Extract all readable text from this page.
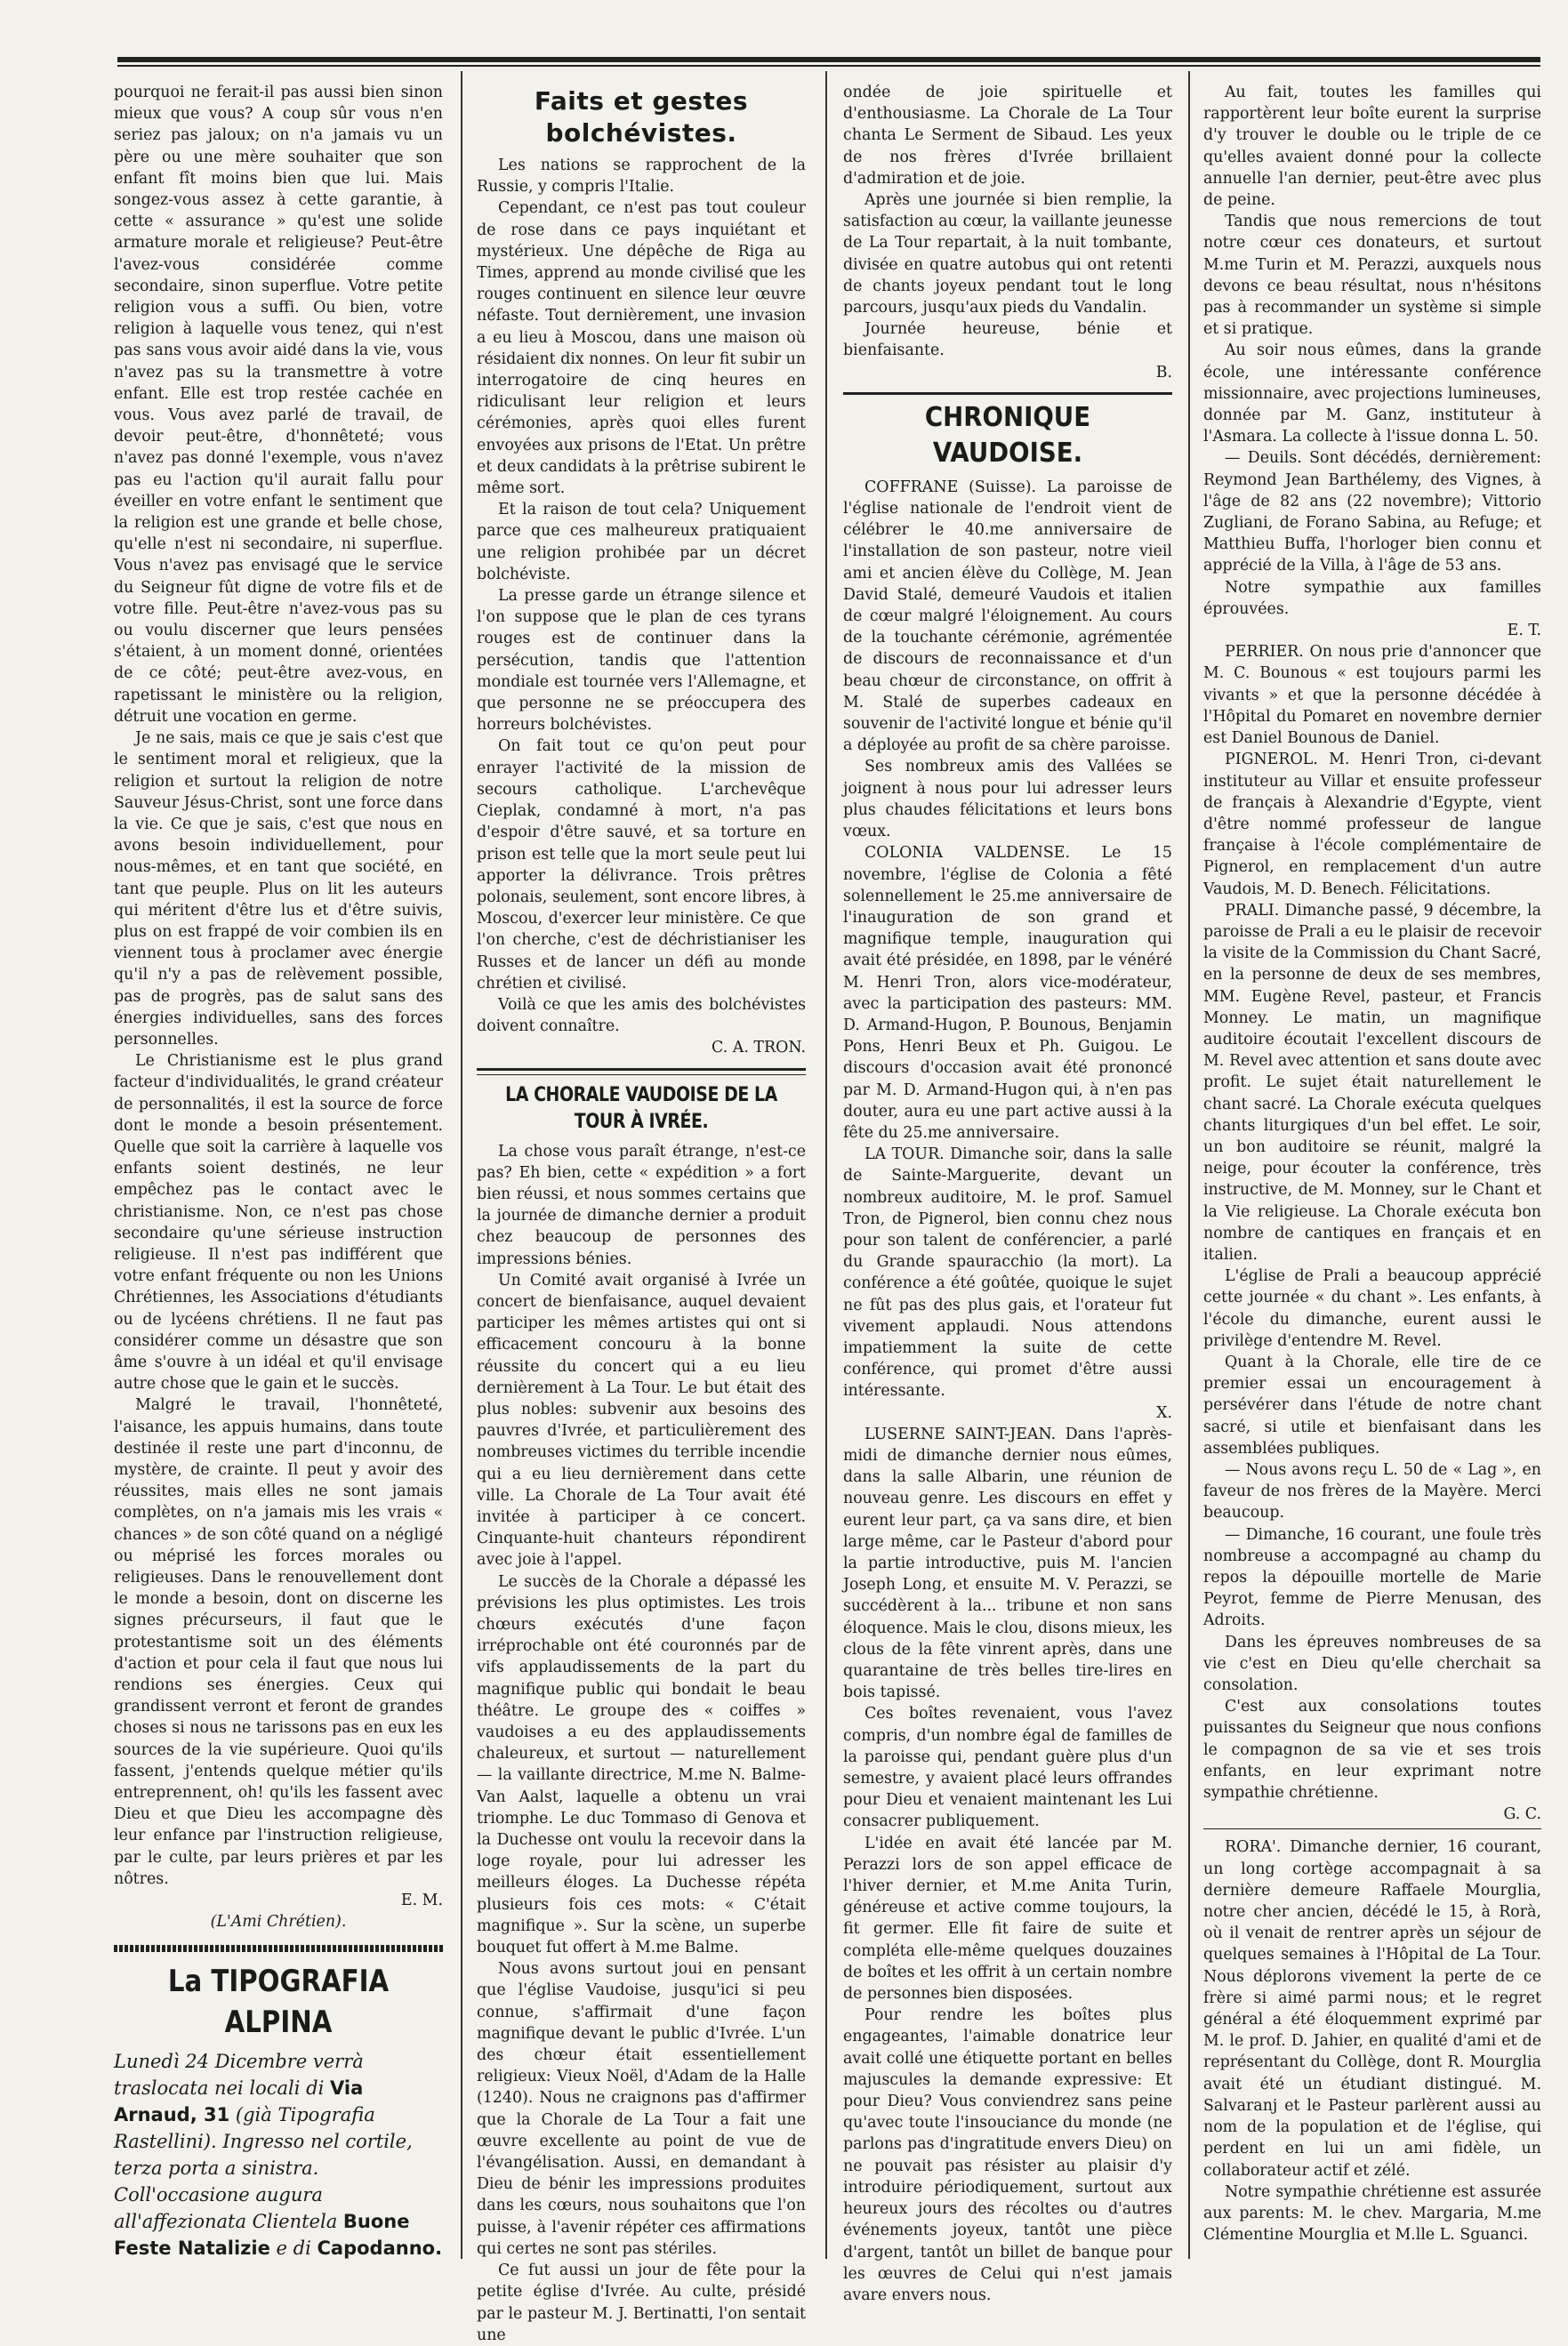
pourquoi ne ferait-il pas aussi bien sinon mieux que vous? A coup sûr vous n'en seriez pas jaloux; on n'a jamais vu un père ou une mère souhaiter que son enfant fît moins bien que lui. Mais songez-vous assez à cette garantie, à cette « assurance » qu'est une solide armature morale et religieuse? Peut-être l'avez-vous considérée comme secondaire, sinon superflue. Votre petite religion vous a suffi. Ou bien, votre religion à laquelle vous tenez, qui n'est pas sans vous avoir aidé dans la vie, vous n'avez pas su la transmettre à votre enfant. Elle est trop restée cachée en vous. Vous avez parlé de travail, de devoir peut-être, d'honnêteté; vous n'avez pas donné l'exemple, vous n'avez pas eu l'action qu'il aurait fallu pour éveiller en votre enfant le sentiment que la religion est une grande et belle chose, qu'elle n'est ni secondaire, ni superflue. Vous n'avez pas envisagé que le service du Seigneur fût digne de votre fils et de votre fille. Peut-être n'avez-vous pas su ou voulu discerner que leurs pensées s'étaient, à un moment donné, orientées de ce côté; peut-être avez-vous, en rapetissant le ministère ou la religion, détruit une vocation en germe.

Je ne sais, mais ce que je sais c'est que le sentiment moral et religieux, que la religion et surtout la religion de notre Sauveur Jésus-Christ, sont une force dans la vie. Ce que je sais, c'est que nous en avons besoin individuellement, pour nous-mêmes, et en tant que société, en tant que peuple. Plus on lit les auteurs qui méritent d'être lus et d'être suivis, plus on est frappé de voir combien ils en viennent tous à proclamer avec énergie qu'il n'y a pas de relèvement possible, pas de progrès, pas de salut sans des énergies individuelles, sans des forces personnelles.

Le Christianisme est le plus grand facteur d'individualités, le grand créateur de personnalités, il est la source de force dont le monde a besoin présentement. Quelle que soit la carrière à laquelle vos enfants soient destinés, ne leur empêchez pas le contact avec le christianisme. Non, ce n'est pas chose secondaire qu'une sérieuse instruction religieuse. Il n'est pas indifférent que votre enfant fréquente ou non les Unions Chrétiennes, les Associations d'étudiants ou de lycéens chrétiens. Il ne faut pas considérer comme un désastre que son âme s'ouvre à un idéal et qu'il envisage autre chose que le gain et le succès.

Malgré le travail, l'honnêteté, l'aisance, les appuis humains, dans toute destinée il reste une part d'inconnu, de mystère, de crainte. Il peut y avoir des réussites, mais elles ne sont jamais complètes, on n'a jamais mis les vrais « chances » de son côté quand on a négligé ou méprisé les forces morales ou religieuses. Dans le renouvellement dont le monde a besoin, dont on discerne les signes précurseurs, il faut que le protestantisme soit un des éléments d'action et pour cela il faut que nous lui rendions ses énergies. Ceux qui grandissent verront et feront de grandes choses si nous ne tarissons pas en eux les sources de la vie supérieure. Quoi qu'ils fassent, j'entends quelque métier qu'ils entreprennent, oh! qu'ils les fassent avec Dieu et que Dieu les accompagne dès leur enfance par l'instruction religieuse, par le culte, par leurs prières et par les nôtres.

E. M.

(L'Ami Chrétien).

La TIPOGRAFIA ALPINA
Lunedì 24 Dicembre verrà traslocata nei locali di Via Arnaud, 31 (già Tipografia Rastellini). Ingresso nel cortile, terza porta a sinistra.
Coll'occasione augura all'affezionata Clientela Buone Feste Natalizie e di Capodanno.
Faits et gestes bolchévistes.

Les nations se rapprochent de la Russie, y compris l'Italie.

Cependant, ce n'est pas tout couleur de rose dans ce pays inquiétant et mystérieux. Une dépêche de Riga au Times, apprend au monde civilisé que les rouges continuent en silence leur œuvre néfaste. Tout dernièrement, une invasion a eu lieu à Moscou, dans une maison où résidaient dix nonnes. On leur fit subir un interrogatoire de cinq heures en ridiculisant leur religion et leurs cérémonies, après quoi elles furent envoyées aux prisons de l'Etat. Un prêtre et deux candidats à la prêtrise subirent le même sort.

Et la raison de tout cela? Uniquement parce que ces malheureux pratiquaient une religion prohibée par un décret bolchéviste.

La presse garde un étrange silence et l'on suppose que le plan de ces tyrans rouges est de continuer dans la persécution, tandis que l'attention mondiale est tournée vers l'Allemagne, et que personne ne se préoccupera des horreurs bolchévistes.

On fait tout ce qu'on peut pour enrayer l'activité de la mission de secours catholique. L'archevêque Cieplak, condamné à mort, n'a pas d'espoir d'être sauvé, et sa torture en prison est telle que la mort seule peut lui apporter la délivrance. Trois prêtres polonais, seulement, sont encore libres, à Moscou, d'exercer leur ministère. Ce que l'on cherche, c'est de déchristianiser les Russes et de lancer un défi au monde chrétien et civilisé.

Voilà ce que les amis des bolchévistes doivent connaître.

C. A. TRON.

LA CHORALE VAUDOISE DE LA TOUR À IVRÉE.

La chose vous paraît étrange, n'est-ce pas? Eh bien, cette « expédition » a fort bien réussi, et nous sommes certains que la journée de dimanche dernier a produit chez beaucoup de personnes des impressions bénies.

Un Comité avait organisé à Ivrée un concert de bienfaisance, auquel devaient participer les mêmes artistes qui ont si efficacement concouru à la bonne réussite du concert qui a eu lieu dernièrement à La Tour. Le but était des plus nobles: subvenir aux besoins des pauvres d'Ivrée, et particulièrement des nombreuses victimes du terrible incendie qui a eu lieu dernièrement dans cette ville. La Chorale de La Tour avait été invitée à participer à ce concert. Cinquante-huit chanteurs répondirent avec joie à l'appel.

Le succès de la Chorale a dépassé les prévisions les plus optimistes. Les trois chœurs exécutés d'une façon irréprochable ont été couronnés par de vifs applaudissements de la part du magnifique public qui bondait le beau théâtre. Le groupe des « coiffes » vaudoises a eu des applaudissements chaleureux, et surtout — naturellement — la vaillante directrice, M.me N. Balme-Van Aalst, laquelle a obtenu un vrai triomphe. Le duc Tommaso di Genova et la Duchesse ont voulu la recevoir dans la loge royale, pour lui adresser les meilleurs éloges. La Duchesse répéta plusieurs fois ces mots: « C'était magnifique ». Sur la scène, un superbe bouquet fut offert à M.me Balme.

Nous avons surtout joui en pensant que l'église Vaudoise, jusqu'ici si peu connue, s'affirmait d'une façon magnifique devant le public d'Ivrée. L'un des chœur était essentiellement religieux: Vieux Noël, d'Adam de la Halle (1240). Nous ne craignons pas d'affirmer que la Chorale de La Tour a fait une œuvre excellente au point de vue de l'évangélisation. Aussi, en demandant à Dieu de bénir les impressions produites dans les cœurs, nous souhaitons que l'on puisse, à l'avenir répéter ces affirmations qui certes ne sont pas stériles.

Ce fut aussi un jour de fête pour la petite église d'Ivrée. Au culte, présidé par le pasteur M. J. Bertinatti, l'on sentait une

ondée de joie spirituelle et d'enthousiasme. La Chorale de La Tour chanta Le Serment de Sibaud. Les yeux de nos frères d'Ivrée brillaient d'admiration et de joie.

Après une journée si bien remplie, la satisfaction au cœur, la vaillante jeunesse de La Tour repartait, à la nuit tombante, divisée en quatre autobus qui ont retenti de chants joyeux pendant tout le long parcours, jusqu'aux pieds du Vandalin.

Journée heureuse, bénie et bienfaisante.

B.

CHRONIQUE VAUDOISE.

COFFRANE (Suisse). La paroisse de l'église nationale de l'endroit vient de célébrer le 40.me anniversaire de l'installation de son pasteur, notre vieil ami et ancien élève du Collège, M. Jean David Stalé, demeuré Vaudois et italien de cœur malgré l'éloignement. Au cours de la touchante cérémonie, agrémentée de discours de reconnaissance et d'un beau chœur de circonstance, on offrit à M. Stalé de superbes cadeaux en souvenir de l'activité longue et bénie qu'il a déployée au profit de sa chère paroisse.

Ses nombreux amis des Vallées se joignent à nous pour lui adresser leurs plus chaudes félicitations et leurs bons vœux.

COLONIA VALDENSE. Le 15 novembre, l'église de Colonia a fêté solennellement le 25.me anniversaire de l'inauguration de son grand et magnifique temple, inauguration qui avait été présidée, en 1898, par le vénéré M. Henri Tron, alors vice-modérateur, avec la participation des pasteurs: MM. D. Armand-Hugon, P. Bounous, Benjamin Pons, Henri Beux et Ph. Guigou. Le discours d'occasion avait été prononcé par M. D. Armand-Hugon qui, à n'en pas douter, aura eu une part active aussi à la fête du 25.me anniversaire.

LA TOUR. Dimanche soir, dans la salle de Sainte-Marguerite, devant un nombreux auditoire, M. le prof. Samuel Tron, de Pignerol, bien connu chez nous pour son talent de conférencier, a parlé du Grande spauracchio (la mort). La conférence a été goûtée, quoique le sujet ne fût pas des plus gais, et l'orateur fut vivement applaudi. Nous attendons impatiemment la suite de cette conférence, qui promet d'être aussi intéressante.

X.

LUSERNE SAINT-JEAN. Dans l'après-midi de dimanche dernier nous eûmes, dans la salle Albarin, une réunion de nouveau genre. Les discours en effet y eurent leur part, ça va sans dire, et bien large même, car le Pasteur d'abord pour la partie introductive, puis M. l'ancien Joseph Long, et ensuite M. V. Perazzi, se succédèrent à la... tribune et non sans éloquence. Mais le clou, disons mieux, les clous de la fête vinrent après, dans une quarantaine de très belles tire-lires en bois tapissé.

Ces boîtes revenaient, vous l'avez compris, d'un nombre égal de familles de la paroisse qui, pendant guère plus d'un semestre, y avaient placé leurs offrandes pour Dieu et venaient maintenant les Lui consacrer publiquement.

L'idée en avait été lancée par M. Perazzi lors de son appel efficace de l'hiver dernier, et M.me Anita Turin, généreuse et active comme toujours, la fit germer. Elle fit faire de suite et compléta elle-même quelques douzaines de boîtes et les offrit à un certain nombre de personnes bien disposées.

Pour rendre les boîtes plus engageantes, l'aimable donatrice leur avait collé une étiquette portant en belles majuscules la demande expressive: Et pour Dieu? Vous conviendrez sans peine qu'avec toute l'insouciance du monde (ne parlons pas d'ingratitude envers Dieu) on ne pouvait pas résister au plaisir d'y introduire périodiquement, surtout aux heureux jours des récoltes ou d'autres événements joyeux, tantôt une pièce d'argent, tantôt un billet de banque pour les œuvres de Celui qui n'est jamais avare envers nous.

Au fait, toutes les familles qui rapportèrent leur boîte eurent la surprise d'y trouver le double ou le triple de ce qu'elles avaient donné pour la collecte annuelle l'an dernier, peut-être avec plus de peine.

Tandis que nous remercions de tout notre cœur ces donateurs, et surtout M.me Turin et M. Perazzi, auxquels nous devons ce beau résultat, nous n'hésitons pas à recommander un système si simple et si pratique.

Au soir nous eûmes, dans la grande école, une intéressante conférence missionnaire, avec projections lumineuses, donnée par M. Ganz, instituteur à l'Asmara. La collecte à l'issue donna L. 50.

— Deuils. Sont décédés, dernièrement: Reymond Jean Barthélemy, des Vignes, à l'âge de 82 ans (22 novembre); Vittorio Zugliani, de Forano Sabina, au Refuge; et Matthieu Buffa, l'horloger bien connu et apprécié de la Villa, à l'âge de 53 ans.

Notre sympathie aux familles éprouvées.

E. T.

PERRIER. On nous prie d'annoncer que M. C. Bounous « est toujours parmi les vivants » et que la personne décédée à l'Hôpital du Pomaret en novembre dernier est Daniel Bounous de Daniel.

PIGNEROL. M. Henri Tron, ci-devant instituteur au Villar et ensuite professeur de français à Alexandrie d'Egypte, vient d'être nommé professeur de langue française à l'école complémentaire de Pignerol, en remplacement d'un autre Vaudois, M. D. Benech. Félicitations.

PRALI. Dimanche passé, 9 décembre, la paroisse de Prali a eu le plaisir de recevoir la visite de la Commission du Chant Sacré, en la personne de deux de ses membres, MM. Eugène Revel, pasteur, et Francis Monney. Le matin, un magnifique auditoire écoutait l'excellent discours de M. Revel avec attention et sans doute avec profit. Le sujet était naturellement le chant sacré. La Chorale exécuta quelques chants liturgiques d'un bel effet. Le soir, un bon auditoire se réunit, malgré la neige, pour écouter la conférence, très instructive, de M. Monney, sur le Chant et la Vie religieuse. La Chorale exécuta bon nombre de cantiques en français et en italien.

L'église de Prali a beaucoup apprécié cette journée « du chant ». Les enfants, à l'école du dimanche, eurent aussi le privilège d'entendre M. Revel.

Quant à la Chorale, elle tire de ce premier essai un encouragement à persévérer dans l'étude de notre chant sacré, si utile et bienfaisant dans les assemblées publiques.

— Nous avons reçu L. 50 de « Lag », en faveur de nos frères de la Mayère. Merci beaucoup.

— Dimanche, 16 courant, une foule très nombreuse a accompagné au champ du repos la dépouille mortelle de Marie Peyrot, femme de Pierre Menusan, des Adroits.

Dans les épreuves nombreuses de sa vie c'est en Dieu qu'elle cherchait sa consolation.

C'est aux consolations toutes puissantes du Seigneur que nous confions le compagnon de sa vie et ses trois enfants, en leur exprimant notre sympathie chrétienne.

G. C.

RORA'. Dimanche dernier, 16 courant, un long cortège accompagnait à sa dernière demeure Raffaele Mourglia, notre cher ancien, décédé le 15, à Rorà, où il venait de rentrer après un séjour de quelques semaines à l'Hôpital de La Tour. Nous déplorons vivement la perte de ce frère si aimé parmi nous; et le regret général a été éloquemment exprimé par M. le prof. D. Jahier, en qualité d'ami et de représentant du Collège, dont R. Mourglia avait été un étudiant distingué. M. Salvaranj et le Pasteur parlèrent aussi au nom de la population et de l'église, qui perdent en lui un ami fidèle, un collaborateur actif et zélé.

Notre sympathie chrétienne est assurée aux parents: M. le chev. Margaria, M.me Clémentine Mourglia et M.lle L. Sguanci.
